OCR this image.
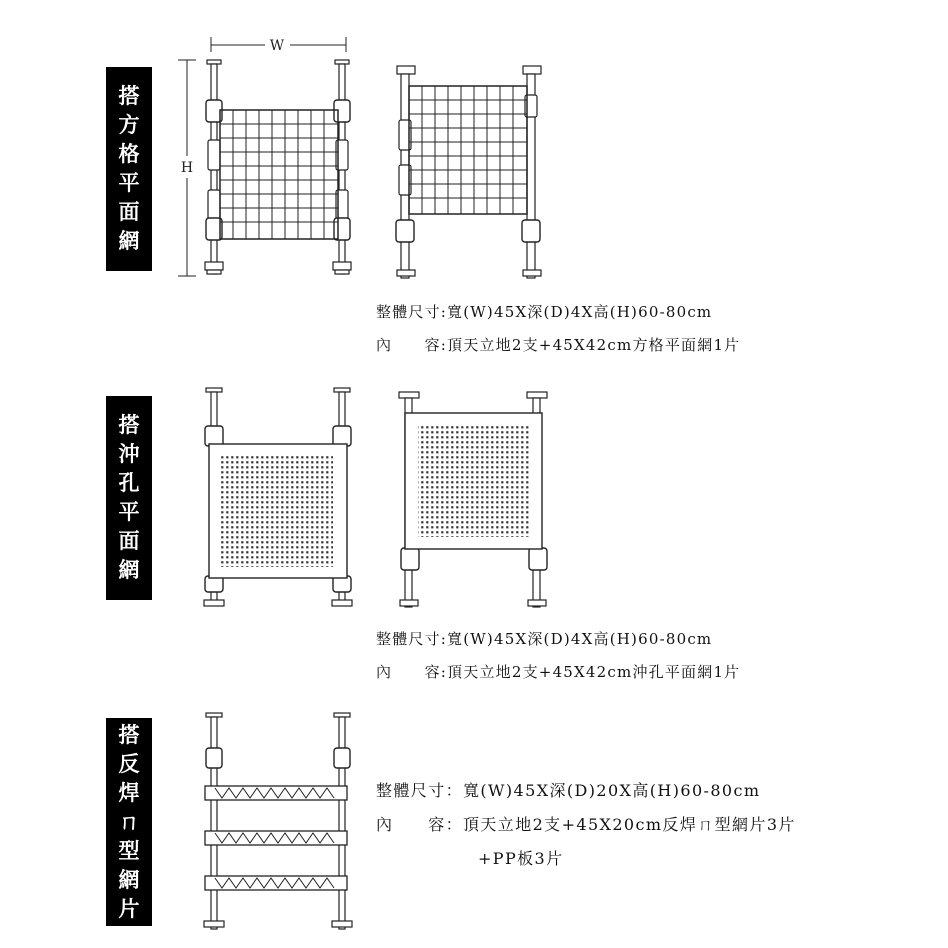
搭
方
格
平
面
網
搭
沖
孔
平
面
網
搭
反
焊
ㄇ
型
網
片
W
H
整體尺寸:寬(W)45X深(D)4X高(H)60-80cm
內　　容:頂天立地2支+45X42cm方格平面網1片
整體尺寸:寬(W)45X深(D)4X高(H)60-80cm
內　　容:頂天立地2支+45X42cm沖孔平面網1片
整體尺寸：寬(W)45X深(D)20X高(H)60-80cm
內　　容：頂天立地2支+45X20cm反焊ㄇ型網片3片
+PP板3片
